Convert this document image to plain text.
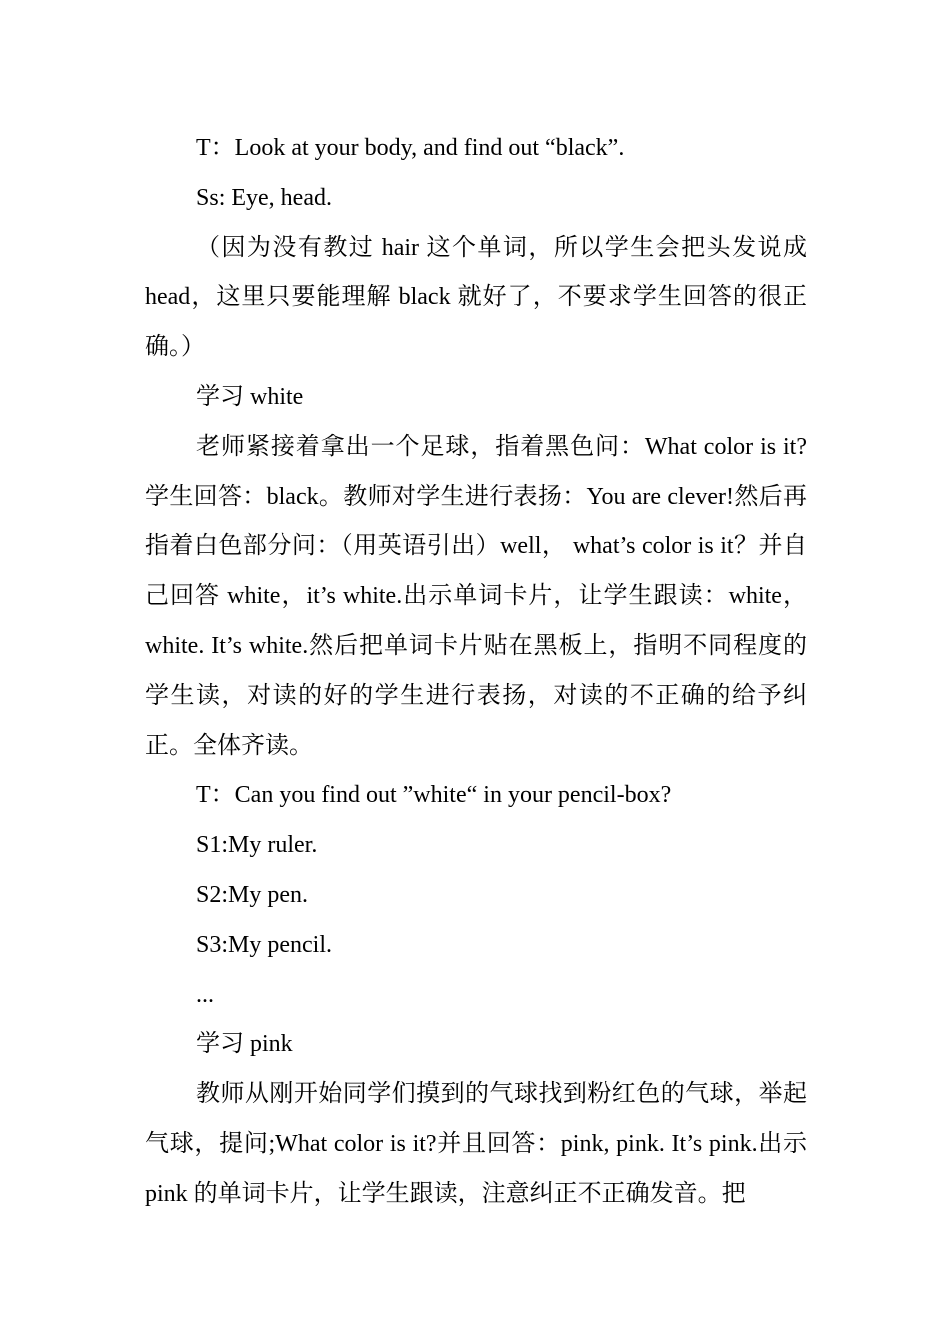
T：Look at your body, and find out “black”.

Ss: Eye, head.

（因为没有教过 hair 这个单词，所以学生会把头发说成 head，这里只要能理解 black 就好了，不要求学生回答的很正确。）

学习 white

老师紧接着拿出一个足球，指着黑色问：What color is it? 学生回答：black。教师对学生进行表扬：You are clever!然后再指着白色部分问：（用英语引出）well， what’s color is it？并自己回答 white，it’s white.出示单词卡片，让学生跟读：white，white. It’s white.然后把单词卡片贴在黑板上，指明不同程度的学生读，对读的好的学生进行表扬，对读的不正确的给予纠正。全体齐读。

T：Can you find out ”white“ in your pencil-box?

S1:My ruler.

S2:My pen.

S3:My pencil.

...

学习 pink

教师从刚开始同学们摸到的气球找到粉红色的气球，举起气球，提问;What color is it?并且回答：pink, pink. It’s pink.出示 pink 的单词卡片，让学生跟读，注意纠正不正确发音。把
